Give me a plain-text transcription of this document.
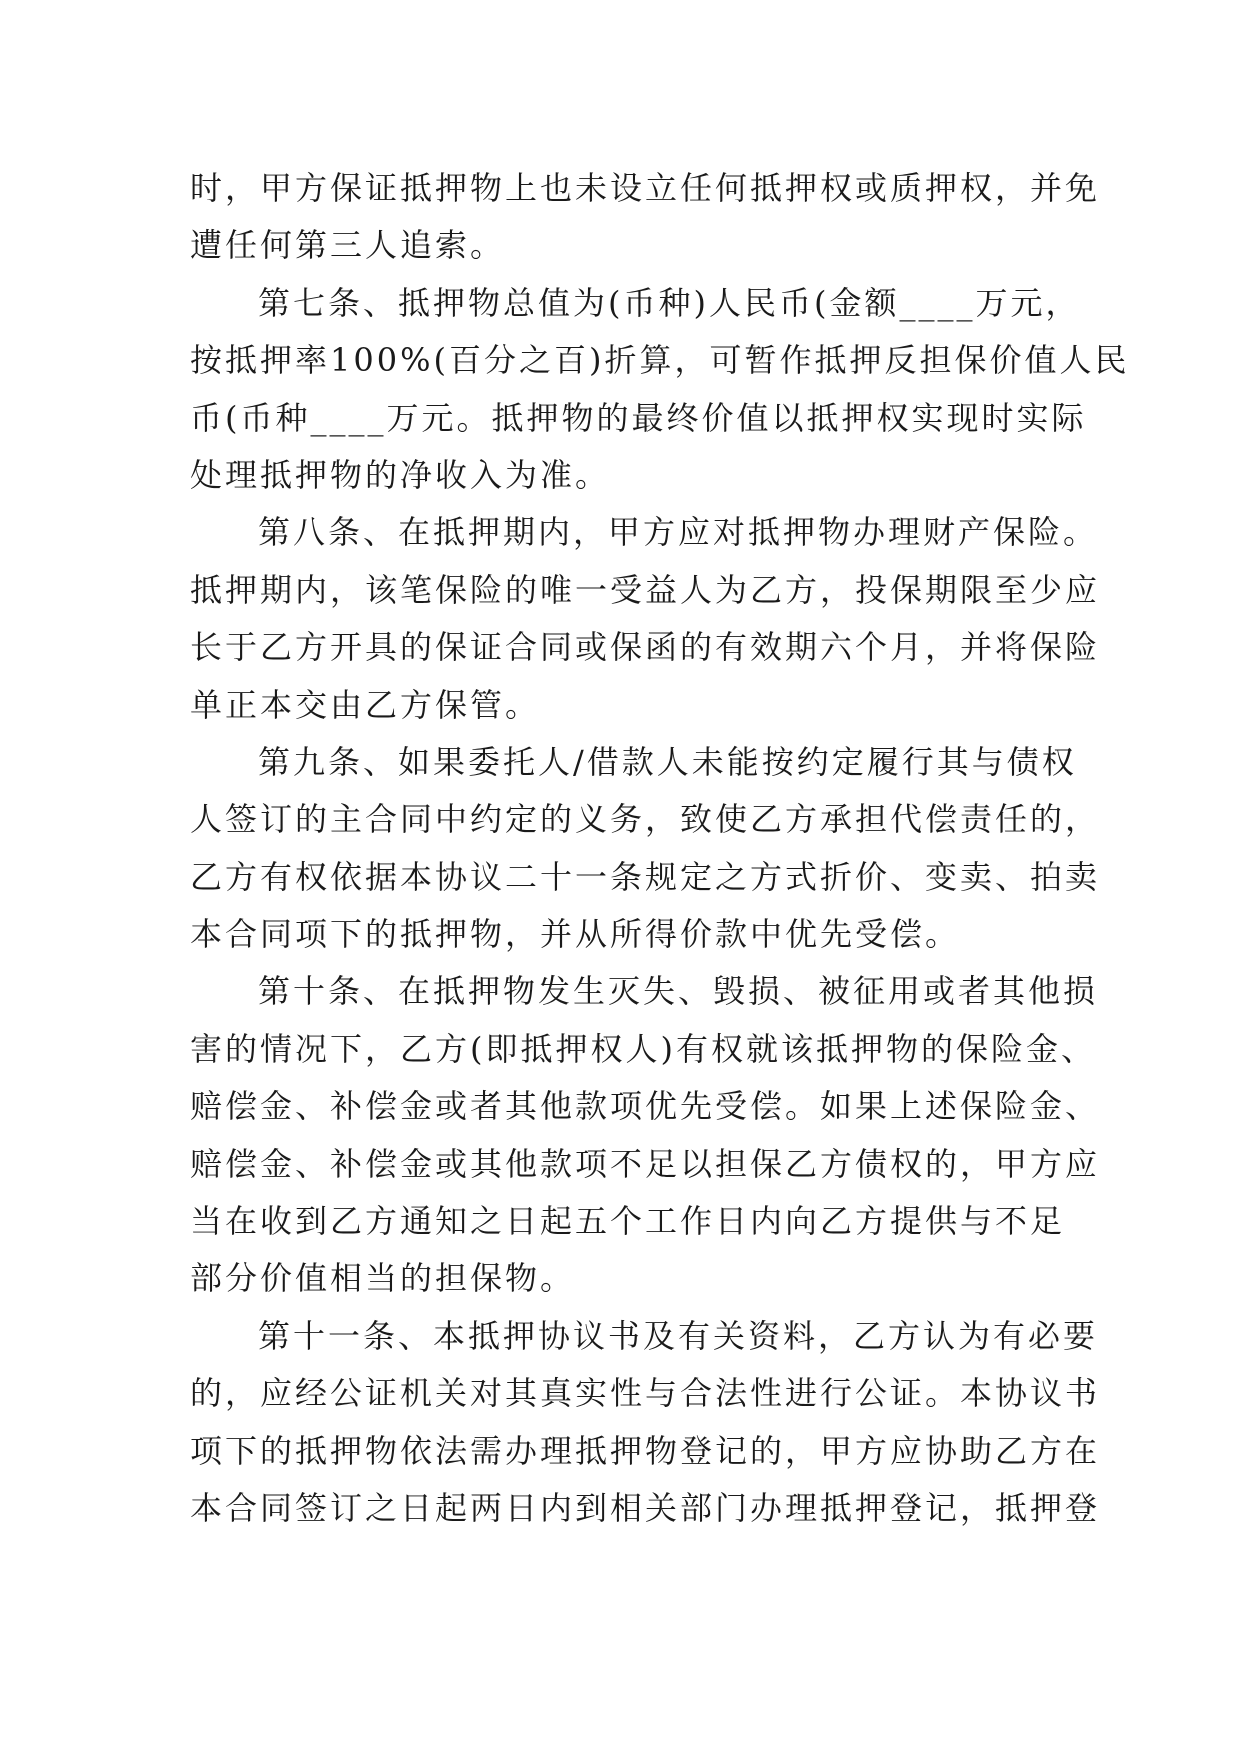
时，甲方保证抵押物上也未设立任何抵押权或质押权，并免
遭任何第三人追索。
第七条、抵押物总值为(币种)人民币(金额____万元，
按抵押率100%(百分之百)折算，可暂作抵押反担保价值人民
币(币种____万元。抵押物的最终价值以抵押权实现时实际
处理抵押物的净收入为准。
第八条、在抵押期内，甲方应对抵押物办理财产保险。
抵押期内，该笔保险的唯一受益人为乙方，投保期限至少应
长于乙方开具的保证合同或保函的有效期六个月，并将保险
单正本交由乙方保管。
第九条、如果委托人/借款人未能按约定履行其与债权
人签订的主合同中约定的义务，致使乙方承担代偿责任的，
乙方有权依据本协议二十一条规定之方式折价、变卖、拍卖
本合同项下的抵押物，并从所得价款中优先受偿。
第十条、在抵押物发生灭失、毁损、被征用或者其他损
害的情况下，乙方(即抵押权人)有权就该抵押物的保险金、
赔偿金、补偿金或者其他款项优先受偿。如果上述保险金、
赔偿金、补偿金或其他款项不足以担保乙方债权的，甲方应
当在收到乙方通知之日起五个工作日内向乙方提供与不足
部分价值相当的担保物。
第十一条、本抵押协议书及有关资料，乙方认为有必要
的，应经公证机关对其真实性与合法性进行公证。本协议书
项下的抵押物依法需办理抵押物登记的，甲方应协助乙方在
本合同签订之日起两日内到相关部门办理抵押登记，抵押登
